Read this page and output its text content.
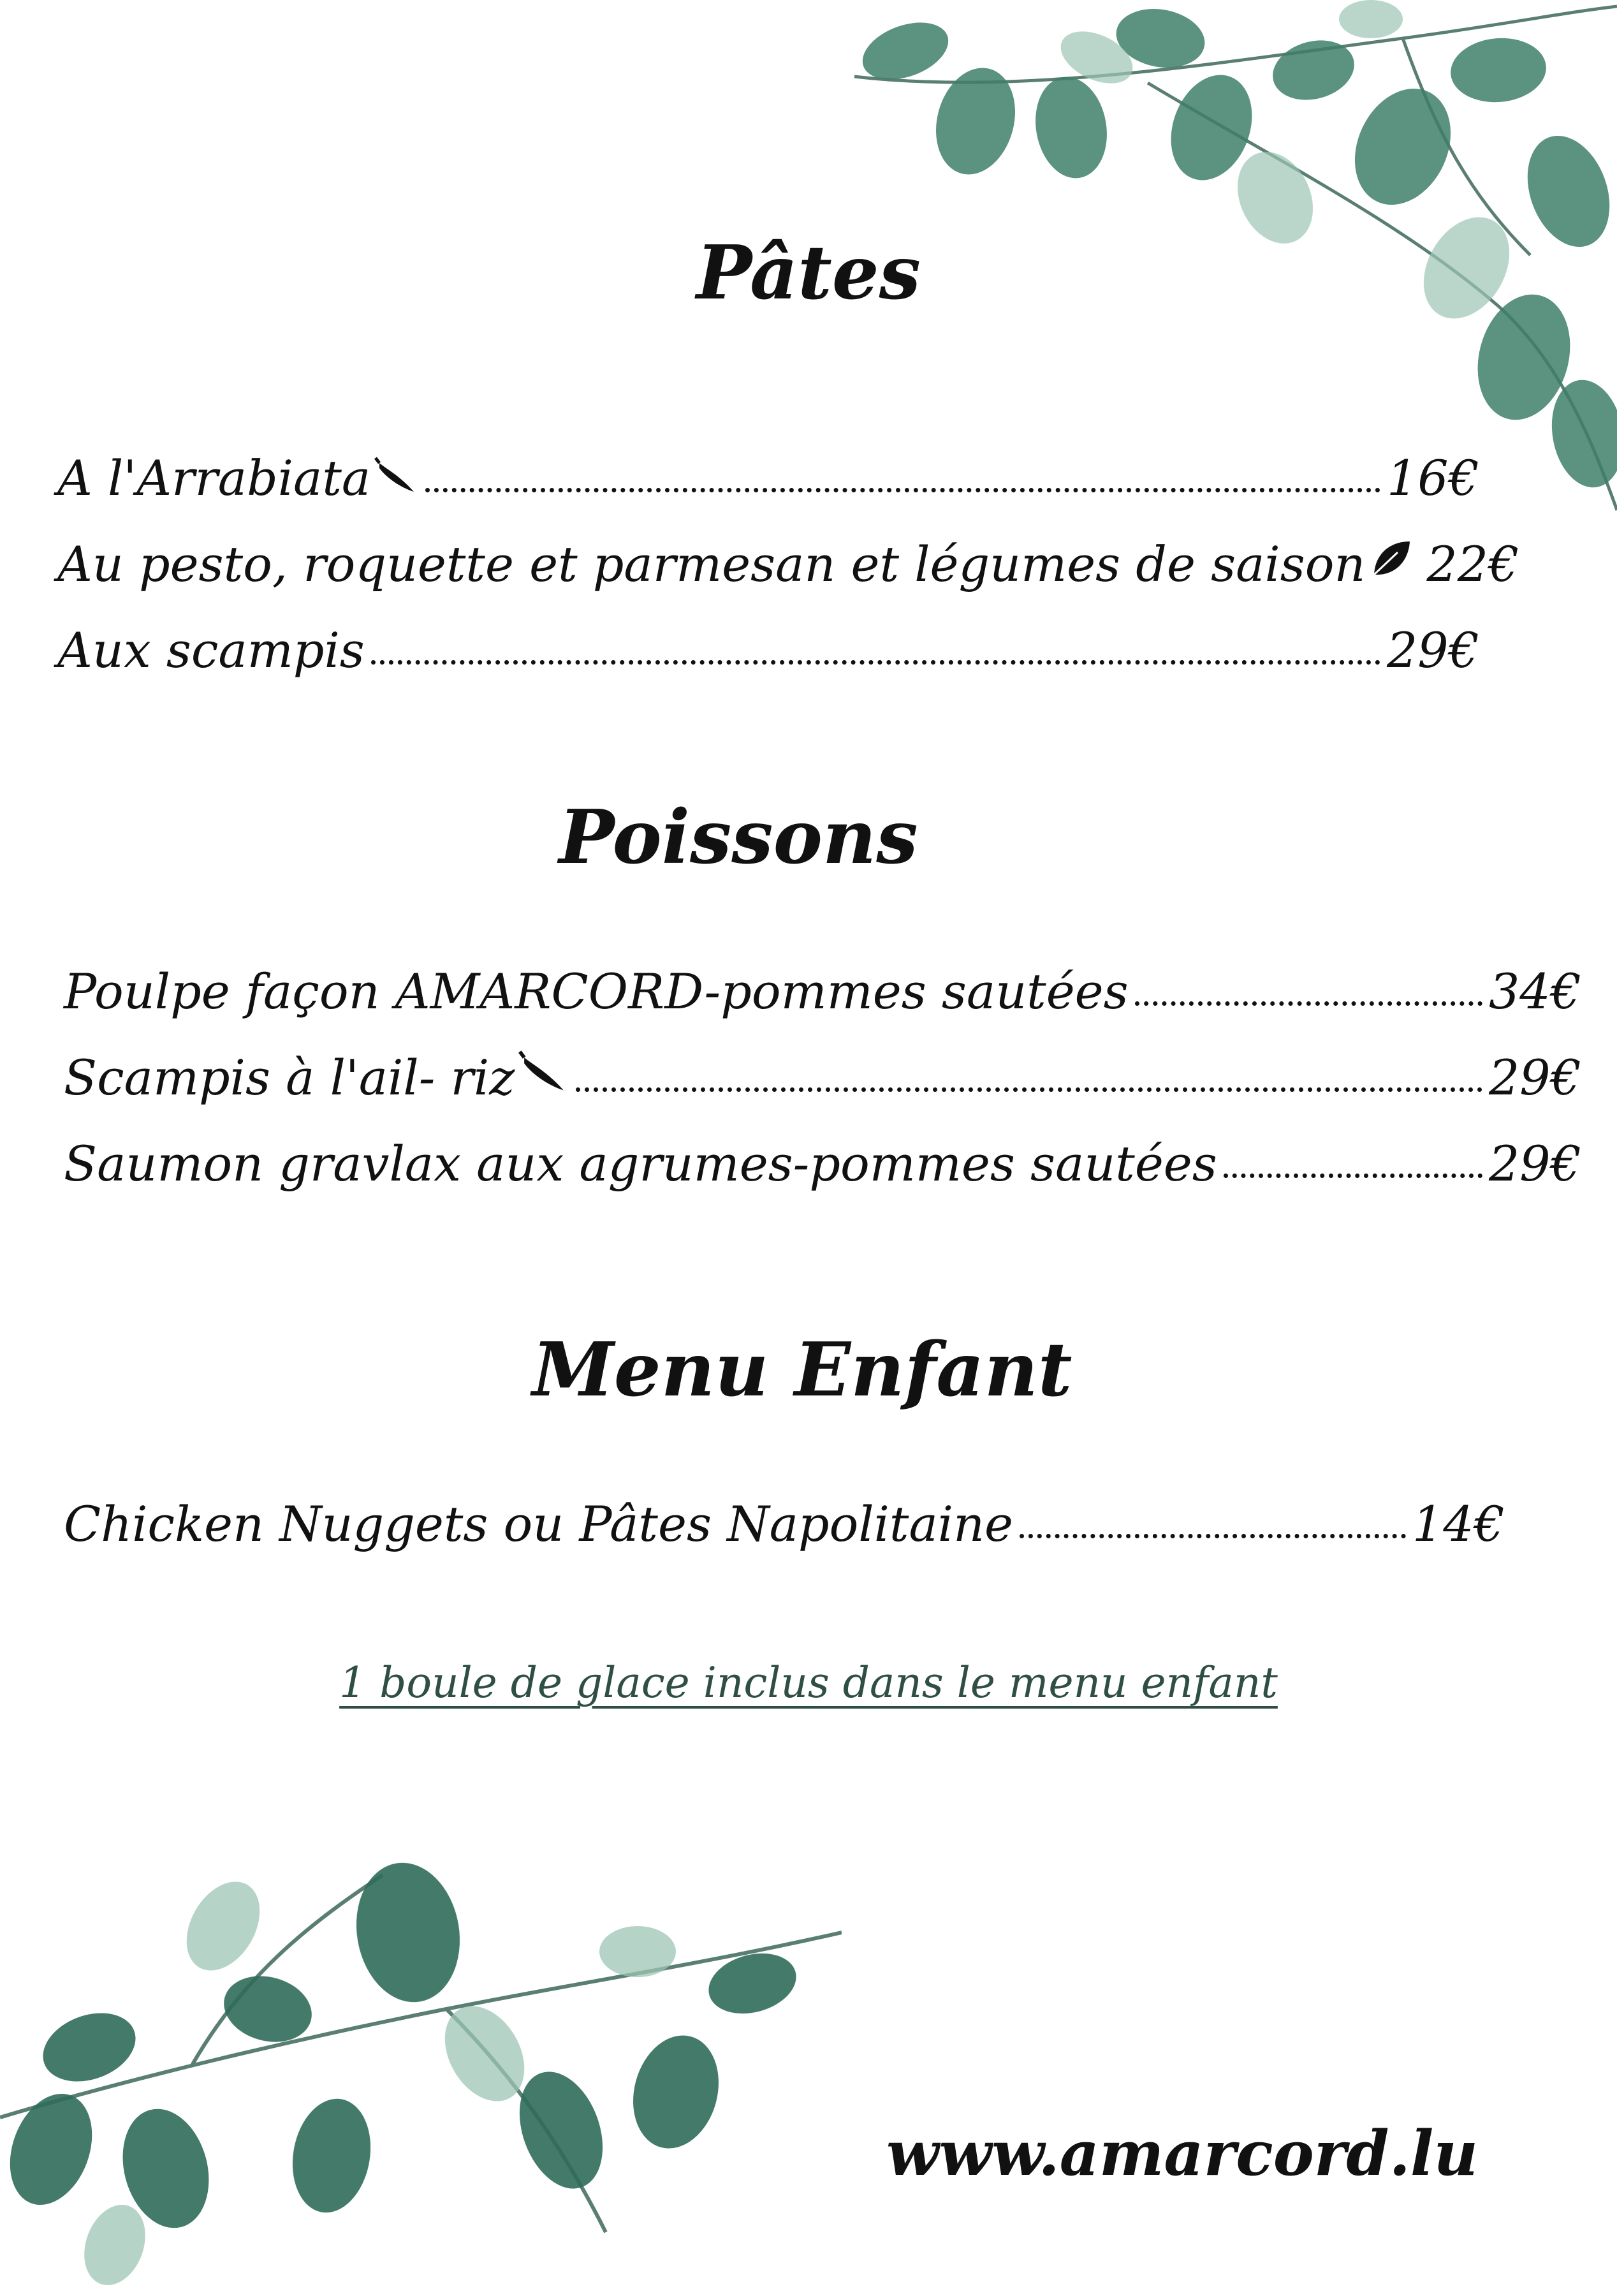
Pâtes
A l'Arrabiata	16€
Au pesto, roquette et parmesan et légumes de saison 22€
Aux scampis	29€
Poissons
Poulpe façon AMARCORD-pommes sautées	34€
Scampis à l'ail- riz	29€
Saumon gravlax aux agrumes-pommes sautées	29€
Menu Enfant
Chicken Nuggets ou Pâtes Napolitaine	14€
1 boule de glace inclus dans le menu enfant
www.amarcord.lu
